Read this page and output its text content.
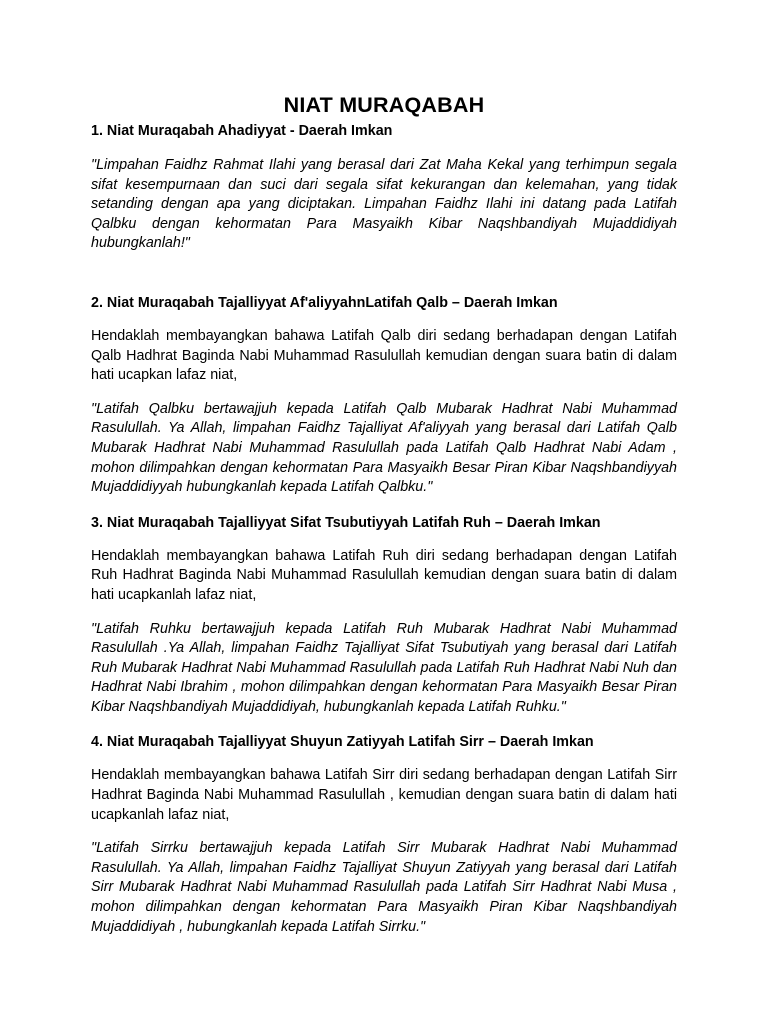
NIAT MURAQABAH

1. Niat Muraqabah Ahadiyyat - Daerah Imkan

"Limpahan Faidhz Rahmat Ilahi yang berasal dari Zat Maha Kekal yang terhimpun segala sifat kesempurnaan dan suci dari segala sifat kekurangan dan kelemahan, yang tidak setanding dengan apa yang diciptakan. Limpahan Faidhz Ilahi ini datang pada Latifah Qalbku dengan kehormatan Para Masyaikh Kibar Naqshbandiyah Mujaddidiyah hubungkanlah!"

2. Niat Muraqabah Tajalliyyat Af'aliyyahnLatifah Qalb – Daerah Imkan

Hendaklah membayangkan bahawa Latifah Qalb diri sedang berhadapan dengan Latifah Qalb Hadhrat Baginda Nabi Muhammad Rasulullah kemudian dengan suara batin di dalam hati ucapkan lafaz niat,

"Latifah Qalbku bertawajjuh kepada Latifah Qalb Mubarak Hadhrat Nabi Muhammad Rasulullah. Ya Allah, limpahan Faidhz Tajalliyat Af'aliyyah yang berasal dari Latifah Qalb Mubarak Hadhrat Nabi Muhammad Rasulullah pada Latifah Qalb Hadhrat Nabi Adam , mohon dilimpahkan dengan kehormatan Para Masyaikh Besar Piran Kibar Naqshbandiyyah Mujaddidiyyah hubungkanlah kepada Latifah Qalbku."

3. Niat Muraqabah Tajalliyyat Sifat Tsubutiyyah Latifah Ruh – Daerah Imkan

Hendaklah membayangkan bahawa Latifah Ruh diri sedang berhadapan dengan Latifah Ruh Hadhrat Baginda Nabi Muhammad Rasulullah kemudian dengan suara batin di dalam hati ucapkanlah lafaz niat,

"Latifah Ruhku bertawajjuh kepada Latifah Ruh Mubarak Hadhrat Nabi Muhammad Rasulullah .Ya Allah, limpahan Faidhz Tajalliyat Sifat Tsubutiyah yang berasal dari Latifah Ruh Mubarak Hadhrat Nabi Muhammad Rasulullah pada Latifah Ruh Hadhrat Nabi Nuh dan Hadhrat Nabi Ibrahim , mohon dilimpahkan dengan kehormatan Para Masyaikh Besar Piran Kibar Naqshbandiyah Mujaddidiyah, hubungkanlah kepada Latifah Ruhku."

4. Niat Muraqabah Tajalliyyat Shuyun Zatiyyah Latifah Sirr – Daerah Imkan

Hendaklah membayangkan bahawa Latifah Sirr diri sedang berhadapan dengan Latifah Sirr Hadhrat Baginda Nabi Muhammad Rasulullah , kemudian dengan suara batin di dalam hati ucapkanlah lafaz niat,

"Latifah Sirrku bertawajjuh kepada Latifah Sirr Mubarak Hadhrat Nabi Muhammad Rasulullah. Ya Allah, limpahan Faidhz Tajalliyat Shuyun Zatiyyah yang berasal dari Latifah Sirr Mubarak Hadhrat Nabi Muhammad Rasulullah pada Latifah Sirr Hadhrat Nabi Musa , mohon dilimpahkan dengan kehormatan Para Masyaikh Piran Kibar Naqshbandiyah Mujaddidiyah , hubungkanlah kepada Latifah Sirrku."
